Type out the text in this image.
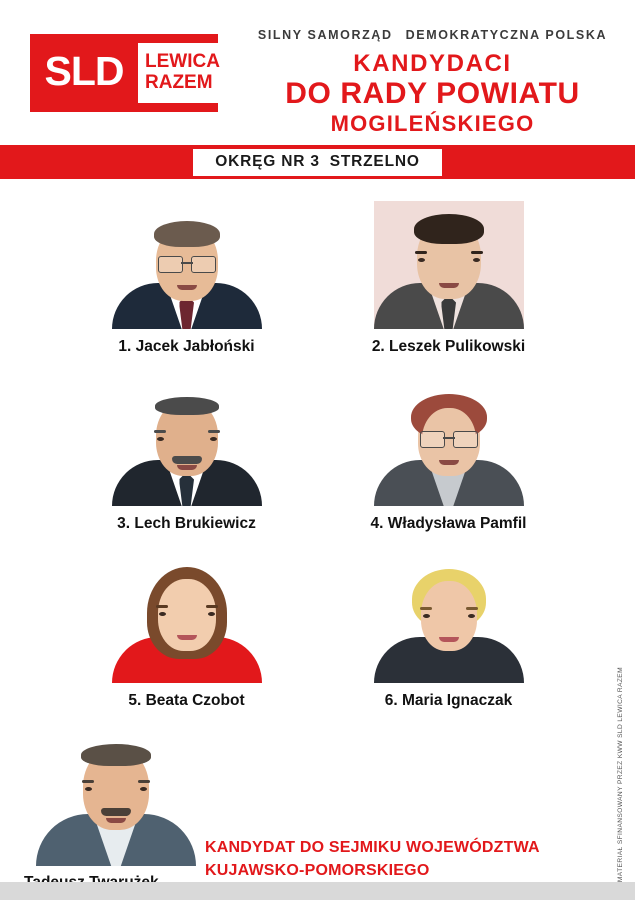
SLD	LEWICA
RAZEM
SILNY SAMORZĄD DEMOKRATYCZNA POLSKA
KANDYDACI
DO RADY POWIATU
MOGILEŃSKIEGO
OKRĘG NR 3 STRZELNO
1. Jacek Jabłoński	2. Leszek Pulikowski
3. Lech Brukiewicz	4. Władysława Pamfil
5. Beata Czobot	6. Maria Ignaczak
KANDYDAT DO SEJMIKU WOJEWÓDZTWA
KUJAWSKO-POMORSKIEGO	MATERIAŁ SFINANSOWANY PRZEZ KWW SLD LEWICA RAZEM
